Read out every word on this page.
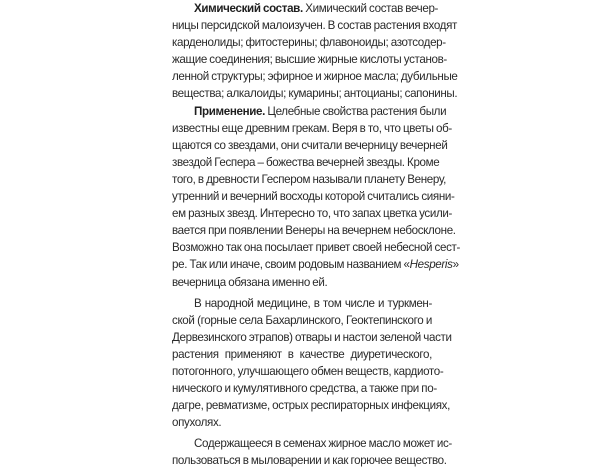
Химический состав. Химический состав вечер-
ницы персидской малоизучен. В состав растения входят
карденолиды; фитостерины; флавоноиды; азотсодер-
жащие соединения; высшие жирные кислоты установ-
ленной структуры; эфирное и жирное масла; дубильные
вещества; алкалоиды; кумарины; антоцианы; сапонины.
Применение. Целебные свойства растения были
известны еще древним грекам. Веря в то, что цветы об-
щаются со звездами, они считали вечерницу вечерней
звездой Геспера – божества вечерней звезды. Кроме
того, в древности Геспером называли планету Венеру,
утренний и вечерний восходы которой считались сияни-
ем разных звезд. Интересно то, что запах цветка усили-
вается при появлении Венеры на вечернем небосклоне.
Возможно так она посылает привет своей небесной сест-
ре. Так или иначе, своим родовым названием «Hesperis»
вечерница обязана именно ей.
В народной медицине, в том числе и туркмен-
ской (горные села Бахарлинского, Геоктепинского и
Дервезинского этрапов) отвары и настои зеленой части
растения применяют в качестве диуретического,
потогонного, улучшающего обмен веществ, кардиото-
нического и кумулятивного средства, а также при по-
дагре, ревматизме, острых респираторных инфекциях,
опухолях.
Содержащееся в семенах жирное масло может ис-
пользоваться в мыловарении и как горючее вещество.
